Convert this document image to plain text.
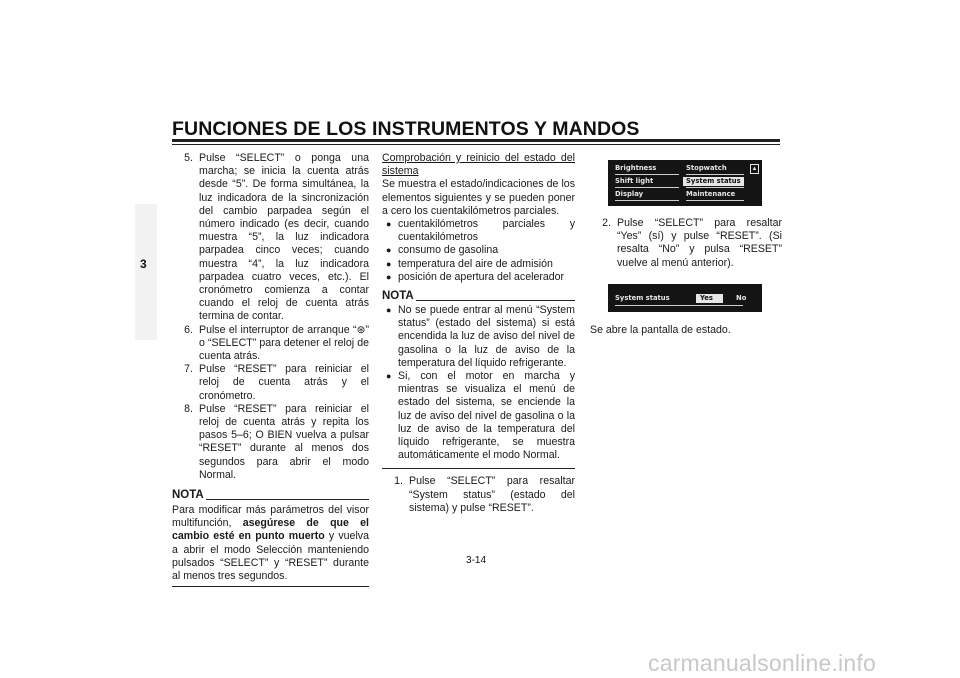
FUNCIONES DE LOS INSTRUMENTOS Y MANDOS
3
5. Pulse “SELECT” o ponga una marcha; se inicia la cuenta atrás desde “5”. De forma simultánea, la luz indicadora de la sincronización del cambio parpadea según el número indicado (es decir, cuando muestra “5”, la luz indicadora parpadea cinco veces; cuando muestra “4”, la luz indicadora parpadea cuatro veces, etc.). El cronómetro comienza a contar cuando el reloj de cuenta atrás termina de contar.
6. Pulse el interruptor de arranque “⊛” o “SELECT” para detener el reloj de cuenta atrás.
7. Pulse “RESET” para reiniciar el reloj de cuenta atrás y el cronómetro.
8. Pulse “RESET” para reiniciar el reloj de cuenta atrás y repita los pasos 5–6; O BIEN vuelva a pulsar “RESET” durante al menos dos segundos para abrir el modo Normal.
NOTA
Para modificar más parámetros del visor multifunción, asegúrese de que el cambio esté en punto muerto y vuelva a abrir el modo Selección manteniendo pulsados “SELECT” y “RESET” durante al menos tres segundos.
Comprobación y reinicio del estado del sistema
Se muestra el estado/indicaciones de los elementos siguientes y se pueden poner a cero los cuentakilómetros parciales.
● cuentakilómetros parciales y cuentakilómetros
● consumo de gasolina
● temperatura del aire de admisión
● posición de apertura del acelerador
NOTA
● No se puede entrar al menú “System status” (estado del sistema) si está encendida la luz de aviso del nivel de gasolina o la luz de aviso de la temperatura del líquido refrigerante.
● Si, con el motor en marcha y mientras se visualiza el menú de estado del sistema, se enciende la luz de aviso del nivel de gasolina o la luz de aviso de la temperatura del líquido refrigerante, se muestra automáticamente el modo Normal.
1. Pulse “SELECT” para resaltar “System status” (estado del sistema) y pulse “RESET”.
Brightness	Stopwatch
Shift light	System status
Display	Maintenance
▲
2. Pulse “SELECT” para resaltar “Yes” (sí) y pulse “RESET”. (Si resalta “No” y pulsa “RESET” vuelve al menú anterior).
System status	Yes	No
Se abre la pantalla de estado.
3-14
carmanualsonline.info
